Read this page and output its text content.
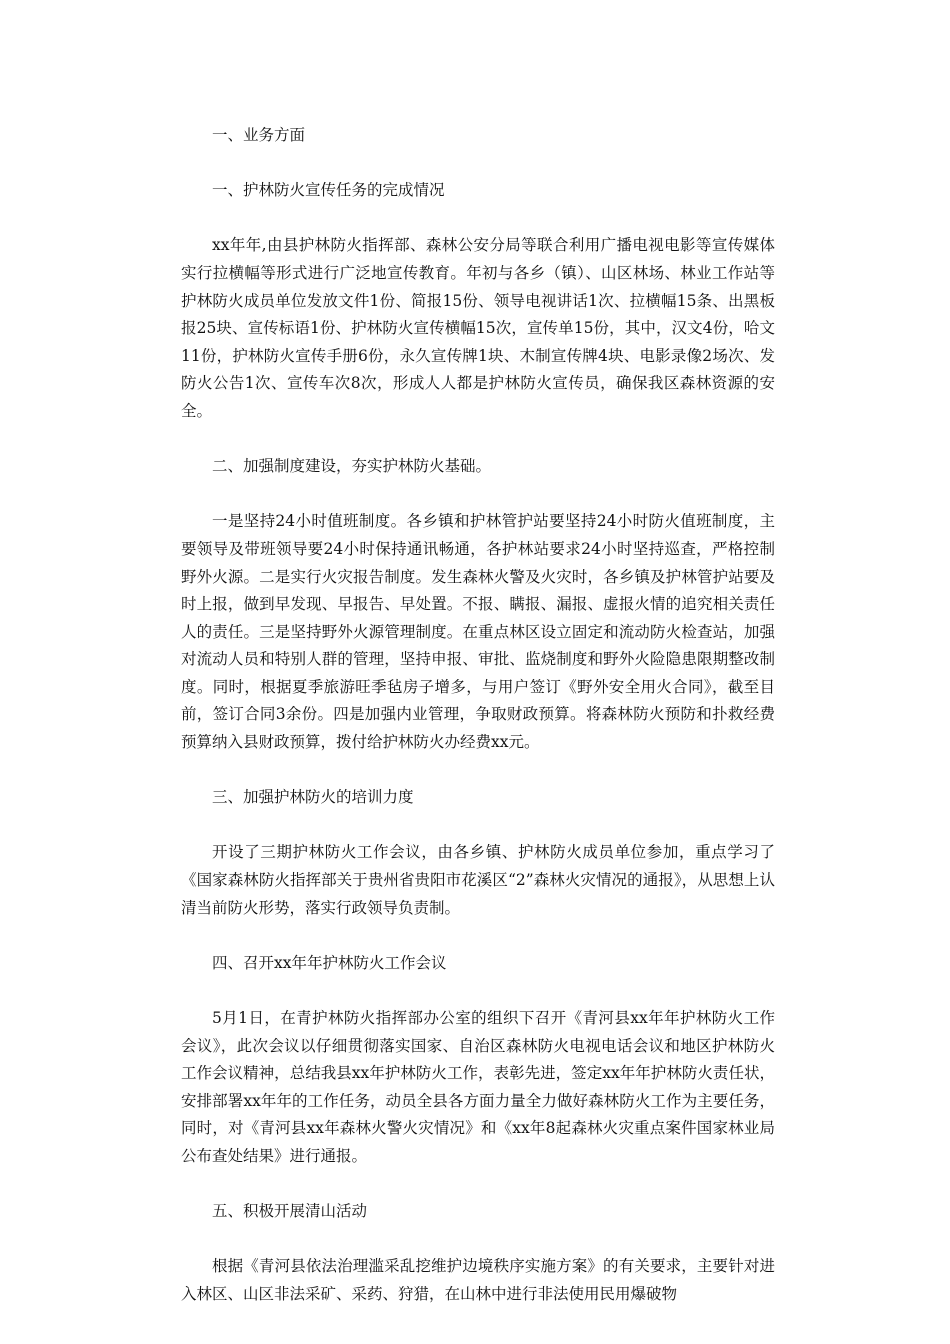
一、业务方面
一、护林防火宣传任务的完成情况
xx年年,由县护林防火指挥部、森林公安分局等联合利用广播电视电影等宣传媒体实行拉横幅等形式进行广泛地宣传教育。年初与各乡（镇）、山区林场、林业工作站等护林防火成员单位发放文件1份、简报15份、领导电视讲话1次、拉横幅15条、出黑板报25块、宣传标语1份、护林防火宣传横幅15次，宣传单15份，其中，汉文4份，哈文11份，护林防火宣传手册6份，永久宣传牌1块、木制宣传牌4块、电影录像2场次、发防火公告1次、宣传车次8次，形成人人都是护林防火宣传员，确保我区森林资源的安全。
二、加强制度建设，夯实护林防火基础。
一是坚持24小时值班制度。各乡镇和护林管护站要坚持24小时防火值班制度，主要领导及带班领导要24小时保持通讯畅通，各护林站要求24小时坚持巡查，严格控制野外火源。二是实行火灾报告制度。发生森林火警及火灾时，各乡镇及护林管护站要及时上报，做到早发现、早报告、早处置。不报、瞒报、漏报、虚报火情的追究相关责任人的责任。三是坚持野外火源管理制度。在重点林区设立固定和流动防火检查站，加强对流动人员和特别人群的管理，坚持申报、审批、监烧制度和野外火险隐患限期整改制度。同时，根据夏季旅游旺季毡房子增多，与用户签订《野外安全用火合同》，截至目前，签订合同3余份。四是加强内业管理，争取财政预算。将森林防火预防和扑救经费预算纳入县财政预算，拨付给护林防火办经费xx元。
三、加强护林防火的培训力度
开设了三期护林防火工作会议，由各乡镇、护林防火成员单位参加，重点学习了《国家森林防火指挥部关于贵州省贵阳市花溪区“2”森林火灾情况的通报》，从思想上认清当前防火形势，落实行政领导负责制。
四、召开xx年年护林防火工作会议
5月1日，在青护林防火指挥部办公室的组织下召开《青河县xx年年护林防火工作会议》，此次会议以仔细贯彻落实国家、自治区森林防火电视电话会议和地区护林防火工作会议精神，总结我县xx年护林防火工作，表彰先进，签定xx年年护林防火责任状，安排部署xx年年的工作任务，动员全县各方面力量全力做好森林防火工作为主要任务，同时，对《青河县xx年森林火警火灾情况》和《xx年8起森林火灾重点案件国家林业局公布查处结果》进行通报。
五、积极开展清山活动
根据《青河县依法治理滥采乱挖维护边境秩序实施方案》的有关要求，主要针对进入林区、山区非法采矿、采药、狩猎，在山林中进行非法使用民用爆破物
